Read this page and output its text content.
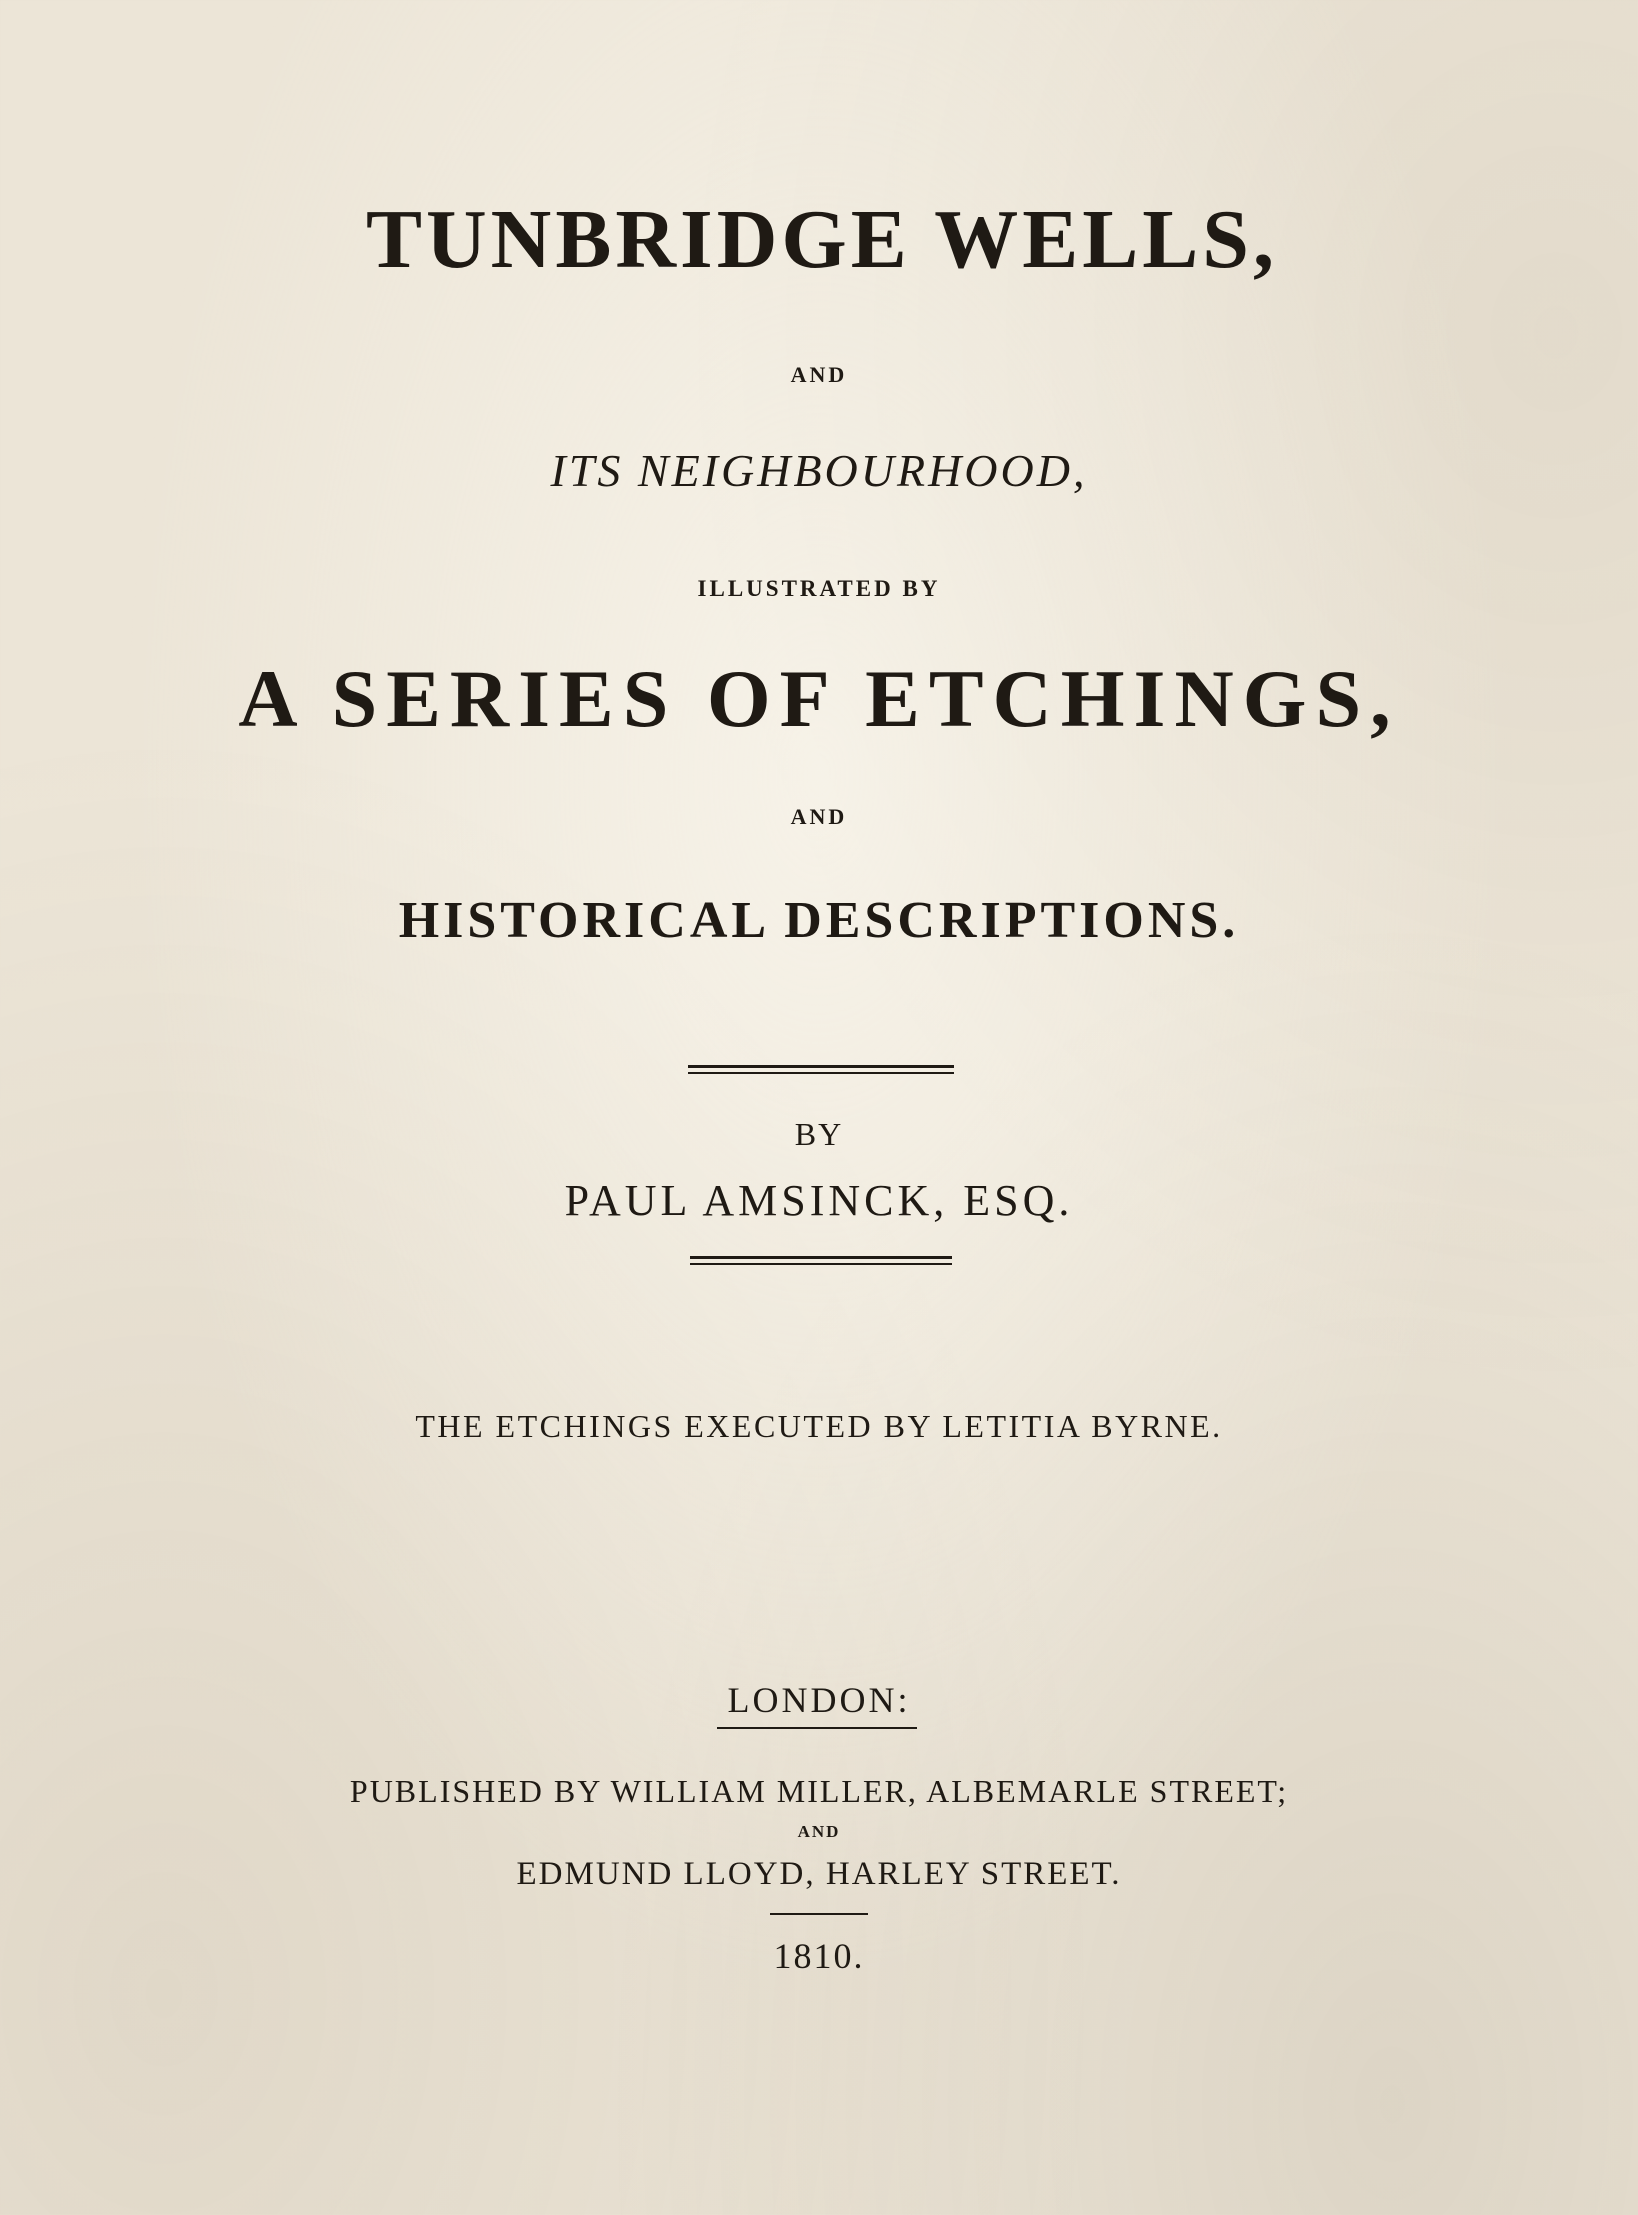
TUNBRIDGE WELLS,
AND
ITS NEIGHBOURHOOD,
ILLUSTRATED BY
A SERIES OF ETCHINGS,
AND
HISTORICAL DESCRIPTIONS.
BY
PAUL AMSINCK, ESQ.
THE ETCHINGS EXECUTED BY LETITIA BYRNE.
LONDON:
PUBLISHED BY WILLIAM MILLER, ALBEMARLE STREET;
AND
EDMUND LLOYD, HARLEY STREET.
1810.
